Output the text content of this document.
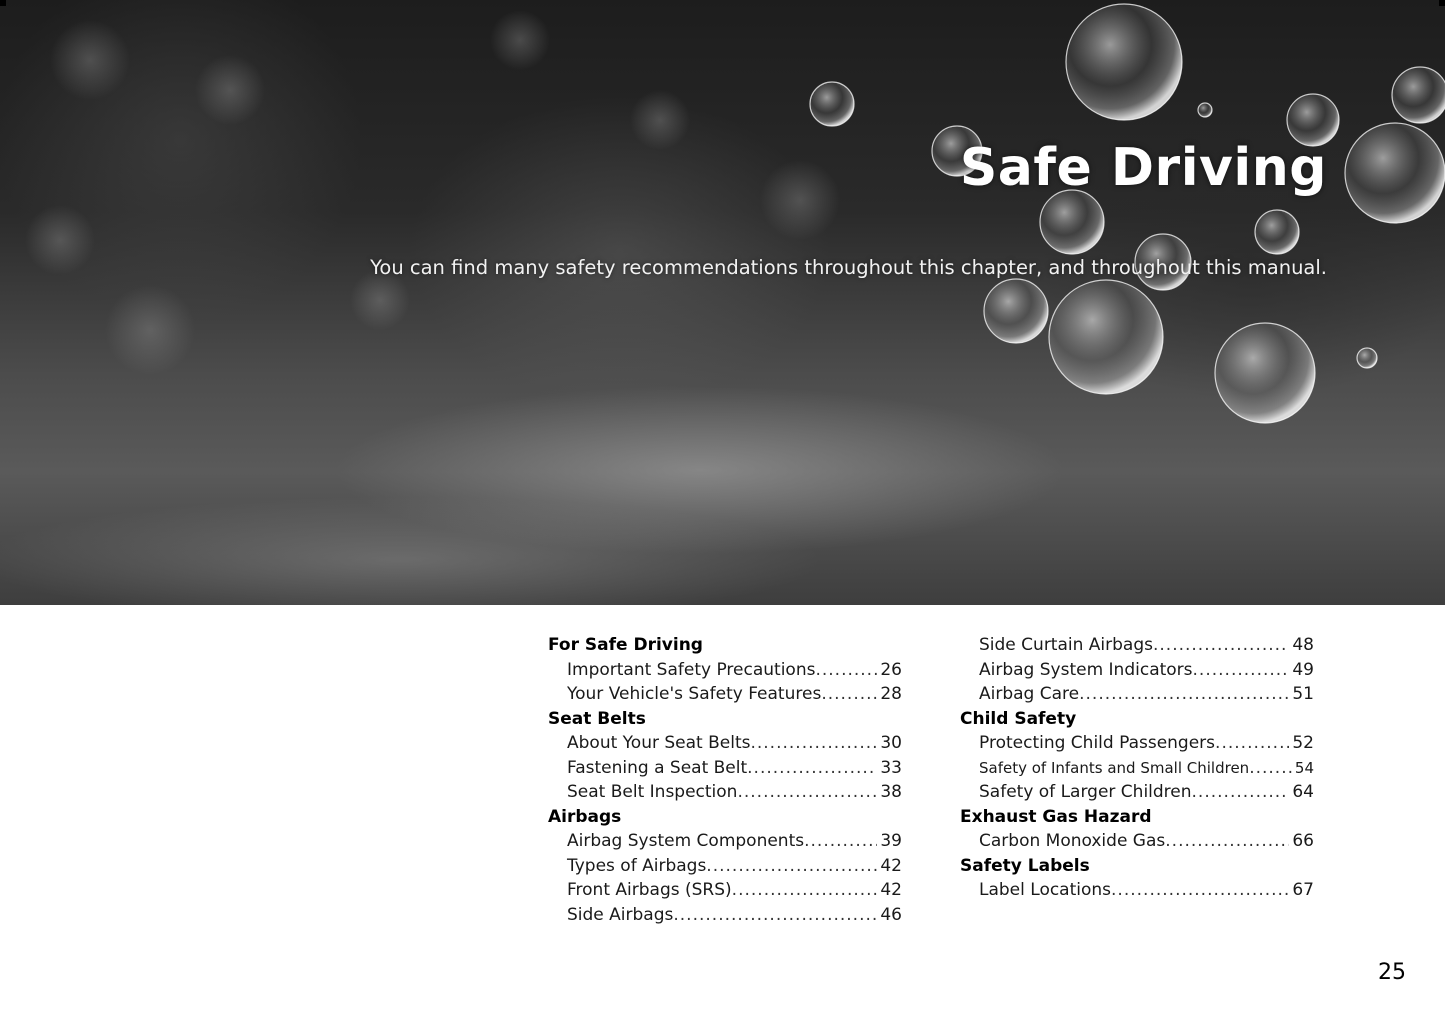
Safe Driving

You can find many safety recommendations throughout this chapter, and throughout this manual.

For Safe Driving
Important Safety Precautions .....	26
Your Vehicle's Safety Features .....	28
Seat Belts
About Your Seat Belts .....	30
Fastening a Seat Belt .....	33
Seat Belt Inspection .....	38
Airbags
Airbag System Components .....	39
Types of Airbags .....	42
Front Airbags (SRS) .....	42
Side Airbags .....	46
Side Curtain Airbags .....	48
Airbag System Indicators .....	49
Airbag Care .....	51
Child Safety
Protecting Child Passengers .....	52
Safety of Infants and Small Children .....	54
Safety of Larger Children .....	64
Exhaust Gas Hazard
Carbon Monoxide Gas .....	66
Safety Labels
Label Locations .....	67

25
